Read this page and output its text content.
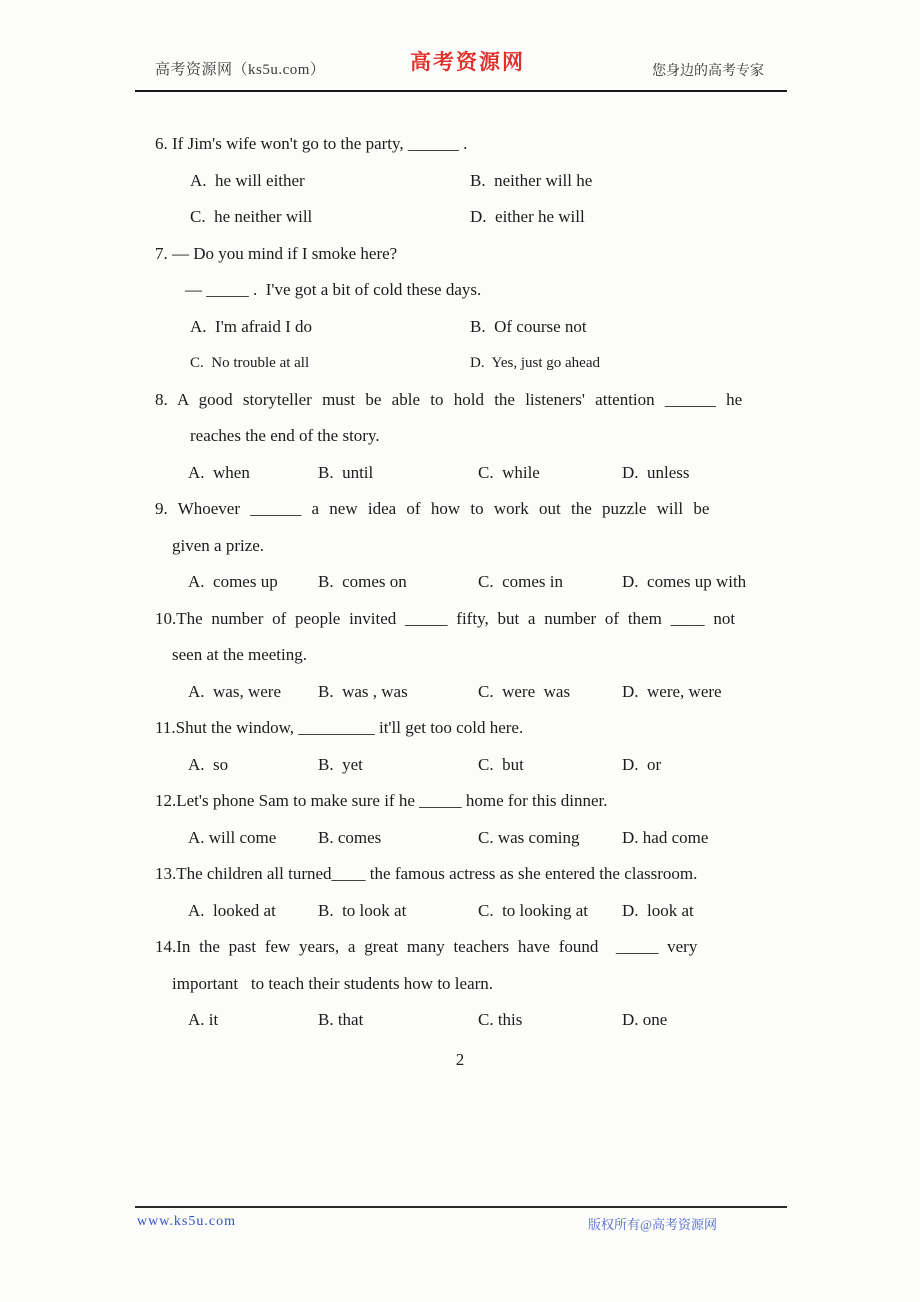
高考资源网（ks5u.com）	高考资源网	您身边的高考专家
6. If Jim's wife won't go to the party, ______ .
A.  he will either	B.  neither will he
C.  he neither will	D.  either he will
7. — Do you mind if I smoke here?
— _____ .  I've got a bit of cold these days.
A.  I'm afraid I do	B.  Of course not
C.  No trouble at all	D.  Yes, just go ahead
8. A good storyteller must be able to hold the listeners' attention ______ he
reaches the end of the story.
A.  when	B.  until	C.  while	D.  unless
9. Whoever ______ a new idea of how to work out the puzzle will be
given a prize.
A.  comes up	B.  comes on	C.  comes in	D.  comes up with
10.The number of people invited _____ fifty, but a number of them ____ not
seen at the meeting.
A.  was, were	B.  was , was	C.  were  was	D.  were, were
11.Shut the window, _________ it'll get too cold here.
A.  so	B.  yet	C.  but	D.  or
12.Let's phone Sam to make sure if he _____ home for this dinner.
A. will come	B. comes	C. was coming	D. had come
13.The children all turned____ the famous actress as she entered the classroom.
A.  looked at	B.  to look at	C.  to looking at	D.  look at
14.In the past few years, a great many teachers have found  _____ very
important   to teach their students how to learn.
A. it	B. that	C. this	D. one
2
www.ks5u.com	版权所有@高考资源网
